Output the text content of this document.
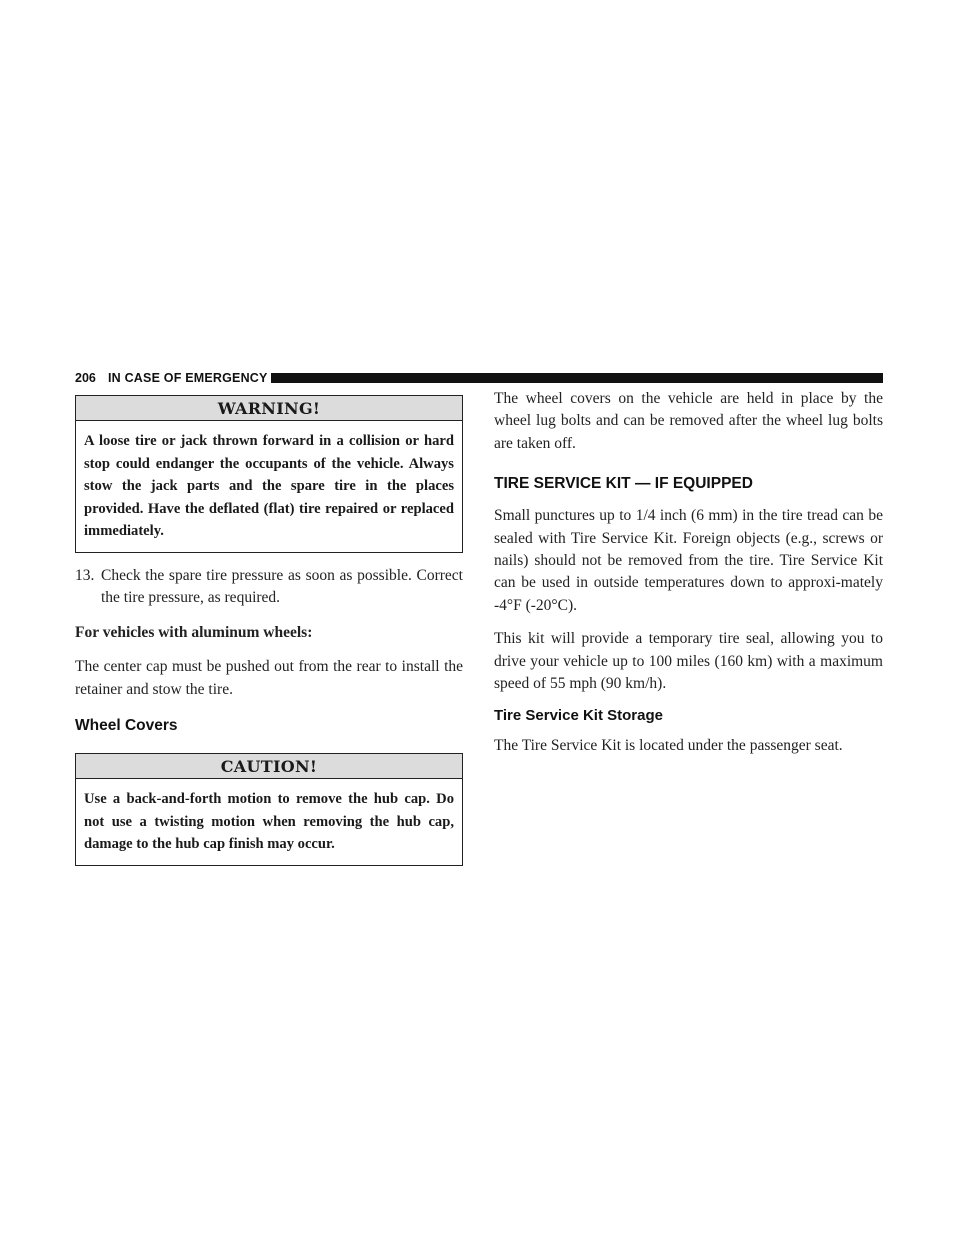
206 IN CASE OF EMERGENCY
WARNING!
A loose tire or jack thrown forward in a collision or hard stop could endanger the occupants of the vehicle. Always stow the jack parts and the spare tire in the places provided. Have the deflated (flat) tire repaired or replaced immediately.

13. Check the spare tire pressure as soon as possible. Correct the tire pressure, as required.

For vehicles with aluminum wheels:

The center cap must be pushed out from the rear to install the retainer and stow the tire.

Wheel Covers
CAUTION!
Use a back-and-forth motion to remove the hub cap. Do not use a twisting motion when removing the hub cap, damage to the hub cap finish may occur.

The wheel covers on the vehicle are held in place by the wheel lug bolts and can be removed after the wheel lug bolts are taken off.

TIRE SERVICE KIT — IF EQUIPPED

Small punctures up to 1/4 inch (6 mm) in the tire tread can be sealed with Tire Service Kit. Foreign objects (e.g., screws or nails) should not be removed from the tire. Tire Service Kit can be used in outside temperatures down to approxi-mately -4°F (-20°C).

This kit will provide a temporary tire seal, allowing you to drive your vehicle up to 100 miles (160 km) with a maximum speed of 55 mph (90 km/h).

Tire Service Kit Storage

The Tire Service Kit is located under the passenger seat.
